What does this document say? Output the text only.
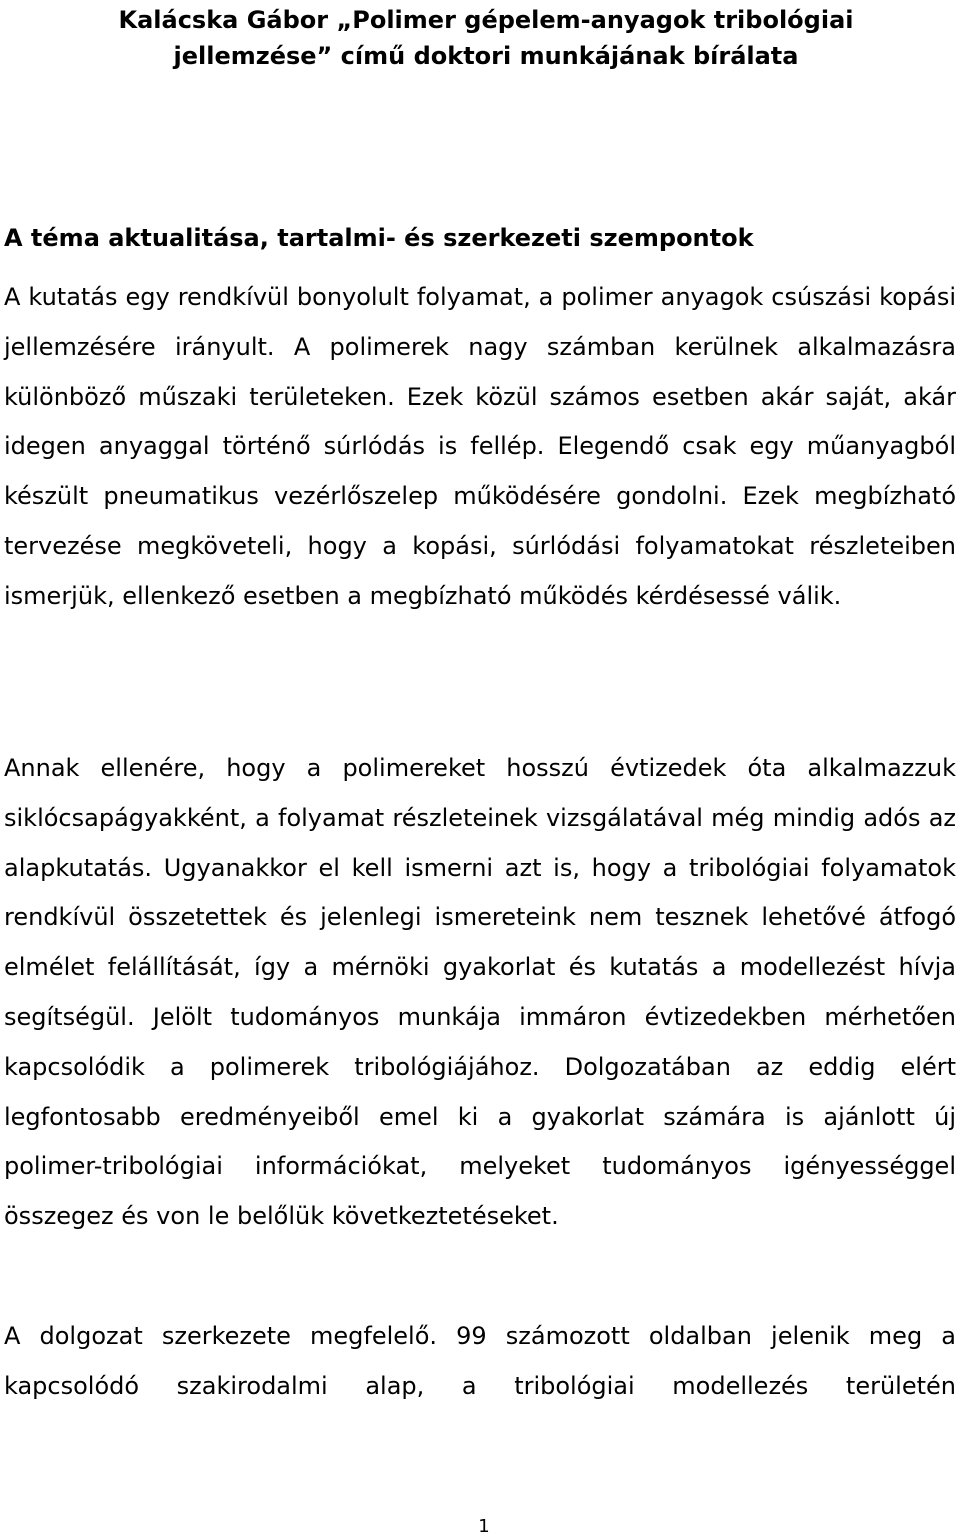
Kalácska Gábor „Polimer gépelem-anyagok tribológiai
jellemzése” című doktori munkájának bírálata
A téma aktualitása, tartalmi- és szerkezeti szempontok

A kutatás egy rendkívül bonyolult folyamat, a polimer anyagok csúszási kopási jellemzésére irányult. A polimerek nagy számban kerülnek alkalmazásra különböző műszaki területeken. Ezek közül számos esetben akár saját, akár idegen anyaggal történő súrlódás is fellép. Elegendő csak egy műanyagból készült pneumatikus vezérlőszelep működésére gondolni. Ezek megbízható tervezése megköveteli, hogy a kopási, súrlódási folyamatokat részleteiben ismerjük, ellenkező esetben a megbízható működés kérdésessé válik.

Annak ellenére, hogy a polimereket hosszú évtizedek óta alkalmazzuk siklócsapágyakként, a folyamat részleteinek vizsgálatával még mindig adós az alapkutatás. Ugyanakkor el kell ismerni azt is, hogy a tribológiai folyamatok rendkívül összetettek és jelenlegi ismereteink nem tesznek lehetővé átfogó elmélet felállítását, így a mérnöki gyakorlat és kutatás a modellezést hívja segítségül. Jelölt tudományos munkája immáron évtizedekben mérhetően kapcsolódik a polimerek tribológiájához. Dolgozatában az eddig elért legfontosabb eredményeiből emel ki a gyakorlat számára is ajánlott új polimer-tribológiai információkat, melyeket tudományos igényességgel összegez és von le belőlük következtetéseket.

A dolgozat szerkezete megfelelő. 99 számozott oldalban jelenik meg a kapcsolódó szakirodalmi alap, a tribológiai modellezés területén

1
